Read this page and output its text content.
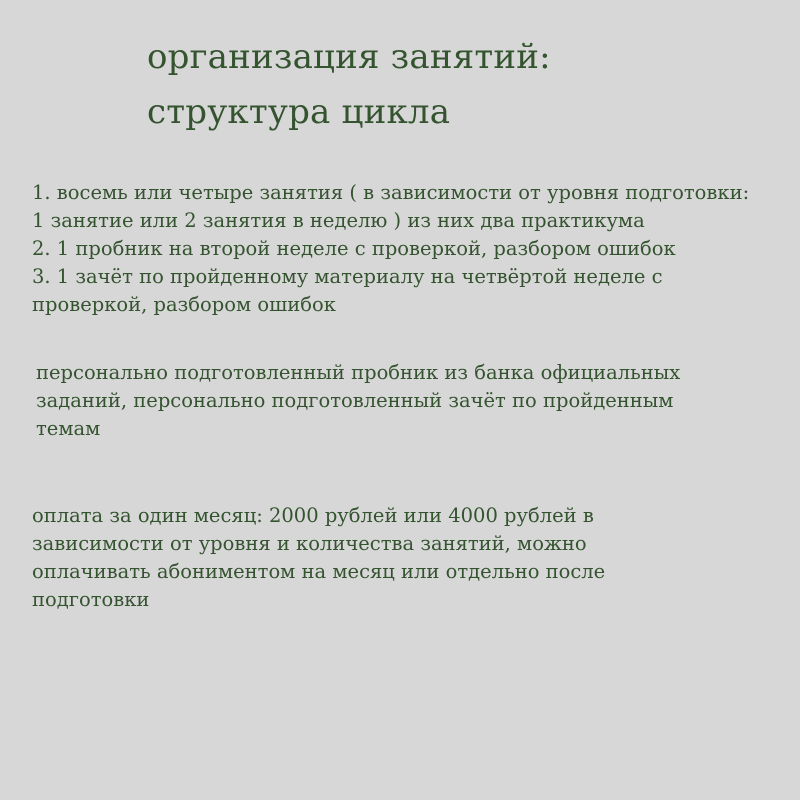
организация занятий:
структура цикла

1. восемь или четыре занятия ( в зависимости от уровня подготовки:
1 занятие или 2 занятия в неделю ) из них два практикума
2. 1 пробник на второй неделе с проверкой, разбором ошибок
3. 1 зачёт по пройденному материалу на четвёртой неделе с
проверкой, разбором ошибок

персонально подготовленный пробник из банка официальных
заданий, персонально подготовленный зачёт по пройденным
темам

оплата за один месяц: 2000 рублей или 4000 рублей в
зависимости от уровня и количества занятий, можно
оплачивать абониментом на месяц или отдельно после
подготовки
